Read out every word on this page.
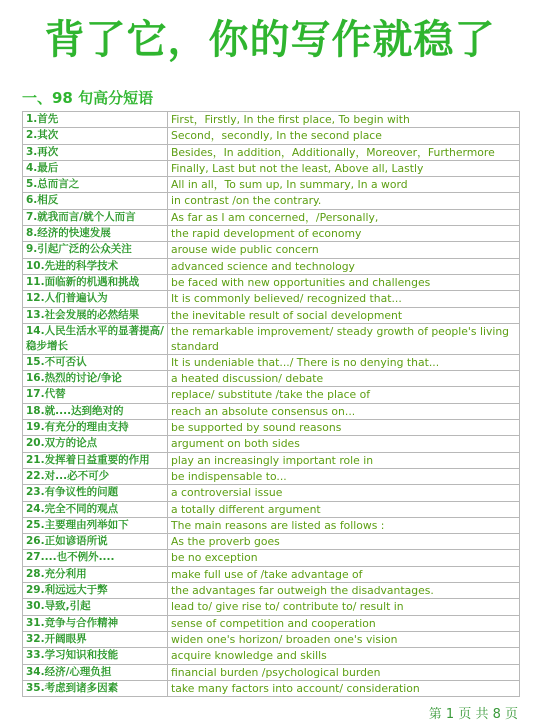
背了它，你的写作就稳了
一、98 句高分短语
1.首先	First，Firstly, In the first place, To begin with
2.其次	Second，secondly, In the second place
3.再次	Besides，In addition，Additionally，Moreover，Furthermore
4.最后	Finally, Last but not the least, Above all, Lastly
5.总而言之	All in all，To sum up, In summary, In a word
6.相反	in contrast /on the contrary.
7.就我而言/就个人而言	As far as I am concerned，/Personally,
8.经济的快速发展	the rapid development of economy
9.引起广泛的公众关注	arouse wide public concern
10.先进的科学技术	advanced science and technology
11.面临新的机遇和挑战	be faced with new opportunities and challenges
12.人们普遍认为	It is commonly believed/ recognized that...
13.社会发展的必然结果	the inevitable result of social development
14.人民生活水平的显著提高/稳步增长	the remarkable improvement/ steady growth of people's living standard
15.不可否认	It is undeniable that.../ There is no denying that...
16.热烈的讨论/争论	a heated discussion/ debate
17.代替	replace/ substitute /take the place of
18.就....达到绝对的	reach an absolute consensus on...
19.有充分的理由支持	be supported by sound reasons
20.双方的论点	argument on both sides
21.发挥着日益重要的作用	play an increasingly important role in
22.对...必不可少	be indispensable to...
23.有争议性的问题	a controversial issue
24.完全不同的观点	a totally different argument
25.主要理由列举如下	The main reasons are listed as follows :
26.正如谚语所说	As the proverb goes
27....也不例外....	be no exception
28.充分利用	make full use of /take advantage of
29.利远远大于弊	the advantages far outweigh the disadvantages.
30.导致,引起	lead to/ give rise to/ contribute to/ result in
31.竞争与合作精神	sense of competition and cooperation
32.开阔眼界	widen one's horizon/ broaden one's vision
33.学习知识和技能	acquire knowledge and skills
34.经济/心理负担	financial burden /psychological burden
35.考虑到诸多因素	take many factors into account/ consideration
第 1 页 共 8 页
